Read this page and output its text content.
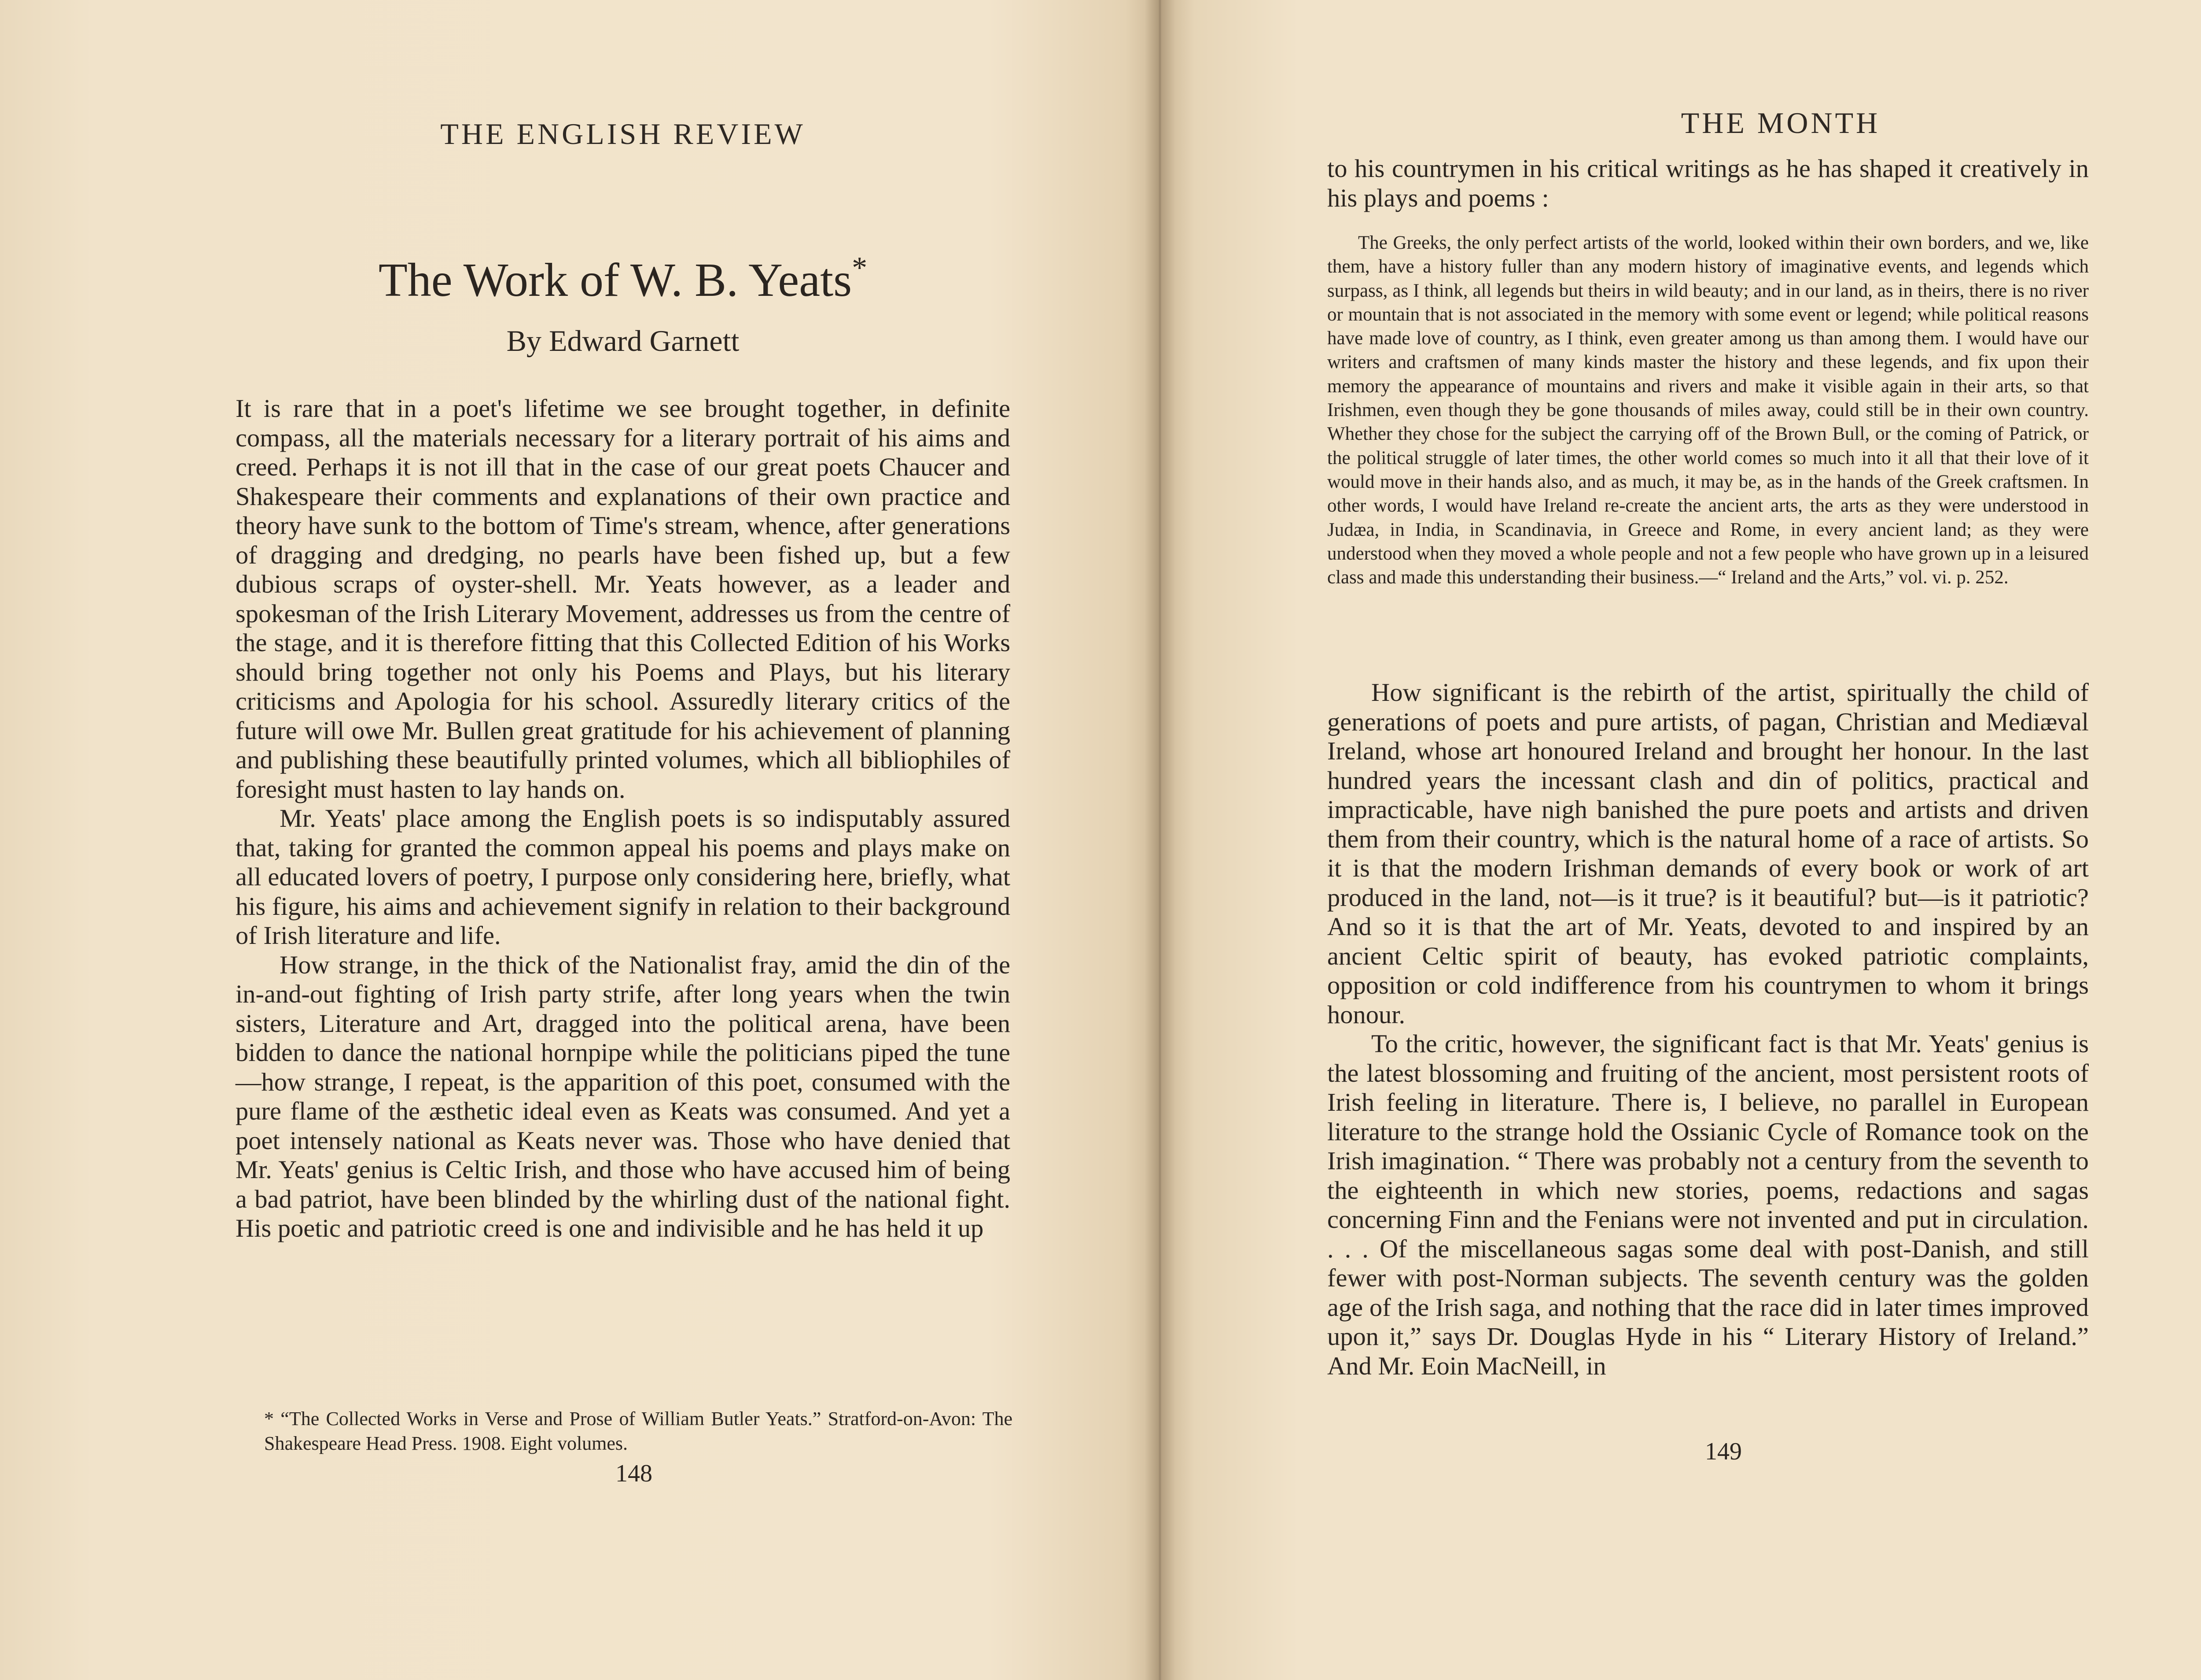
THE ENGLISH REVIEW
The Work of W. B. Yeats*
By Edward Garnett

It is rare that in a poet's lifetime we see brought together, in definite compass, all the materials necessary for a literary portrait of his aims and creed. Perhaps it is not ill that in the case of our great poets Chaucer and Shakespeare their comments and explanations of their own practice and theory have sunk to the bottom of Time's stream, whence, after generations of dragging and dredging, no pearls have been fished up, but a few dubious scraps of oyster-shell. Mr. Yeats however, as a leader and spokesman of the Irish Literary Movement, addresses us from the centre of the stage, and it is therefore fitting that this Collected Edition of his Works should bring together not only his Poems and Plays, but his literary criticisms and Apologia for his school. Assuredly literary critics of the future will owe Mr. Bullen great gratitude for his achievement of planning and publishing these beautifully printed volumes, which all bibliophiles of foresight must hasten to lay hands on.

Mr. Yeats' place among the English poets is so indisputably assured that, taking for granted the common appeal his poems and plays make on all educated lovers of poetry, I purpose only considering here, briefly, what his figure, his aims and achievement signify in relation to their background of Irish literature and life.

How strange, in the thick of the Nationalist fray, amid the din of the in-and-out fighting of Irish party strife, after long years when the twin sisters, Literature and Art, dragged into the political arena, have been bidden to dance the national hornpipe while the politicians piped the tune—how strange, I repeat, is the apparition of this poet, consumed with the pure flame of the æsthetic ideal even as Keats was consumed. And yet a poet intensely national as Keats never was. Those who have denied that Mr. Yeats' genius is Celtic Irish, and those who have accused him of being a bad patriot, have been blinded by the whirling dust of the national fight. His poetic and patriotic creed is one and indivisible and he has held it up

* “The Collected Works in Verse and Prose of William Butler Yeats.” Stratford-on-Avon: The Shakespeare Head Press. 1908. Eight volumes.
148
THE MONTH

to his countrymen in his critical writings as he has shaped it creatively in his plays and poems :

The Greeks, the only perfect artists of the world, looked within their own borders, and we, like them, have a history fuller than any modern history of imaginative events, and legends which surpass, as I think, all legends but theirs in wild beauty; and in our land, as in theirs, there is no river or mountain that is not associated in the memory with some event or legend; while political reasons have made love of country, as I think, even greater among us than among them. I would have our writers and craftsmen of many kinds master the history and these legends, and fix upon their memory the appearance of mountains and rivers and make it visible again in their arts, so that Irishmen, even though they be gone thousands of miles away, could still be in their own country. Whether they chose for the subject the carrying off of the Brown Bull, or the coming of Patrick, or the political struggle of later times, the other world comes so much into it all that their love of it would move in their hands also, and as much, it may be, as in the hands of the Greek craftsmen. In other words, I would have Ireland re-create the ancient arts, the arts as they were understood in Judæa, in India, in Scandinavia, in Greece and Rome, in every ancient land; as they were understood when they moved a whole people and not a few people who have grown up in a leisured class and made this understanding their business.—“ Ireland and the Arts,” vol. vi. p. 252.

How significant is the rebirth of the artist, spiritually the child of generations of poets and pure artists, of pagan, Christian and Mediæval Ireland, whose art honoured Ireland and brought her honour. In the last hundred years the incessant clash and din of politics, practical and impracticable, have nigh banished the pure poets and artists and driven them from their country, which is the natural home of a race of artists. So it is that the modern Irishman demands of every book or work of art produced in the land, not—is it true? is it beautiful? but—is it patriotic? And so it is that the art of Mr. Yeats, devoted to and inspired by an ancient Celtic spirit of beauty, has evoked patriotic complaints, opposition or cold indifference from his countrymen to whom it brings honour.

To the critic, however, the significant fact is that Mr. Yeats' genius is the latest blossoming and fruiting of the ancient, most persistent roots of Irish feeling in literature. There is, I believe, no parallel in European literature to the strange hold the Ossianic Cycle of Romance took on the Irish imagination. “ There was probably not a century from the seventh to the eighteenth in which new stories, poems, redactions and sagas concerning Finn and the Fenians were not invented and put in circulation. . . . Of the miscellaneous sagas some deal with post-Danish, and still fewer with post-Norman subjects. The seventh century was the golden age of the Irish saga, and nothing that the race did in later times improved upon it,” says Dr. Douglas Hyde in his “ Literary History of Ireland.” And Mr. Eoin MacNeill, in

149
